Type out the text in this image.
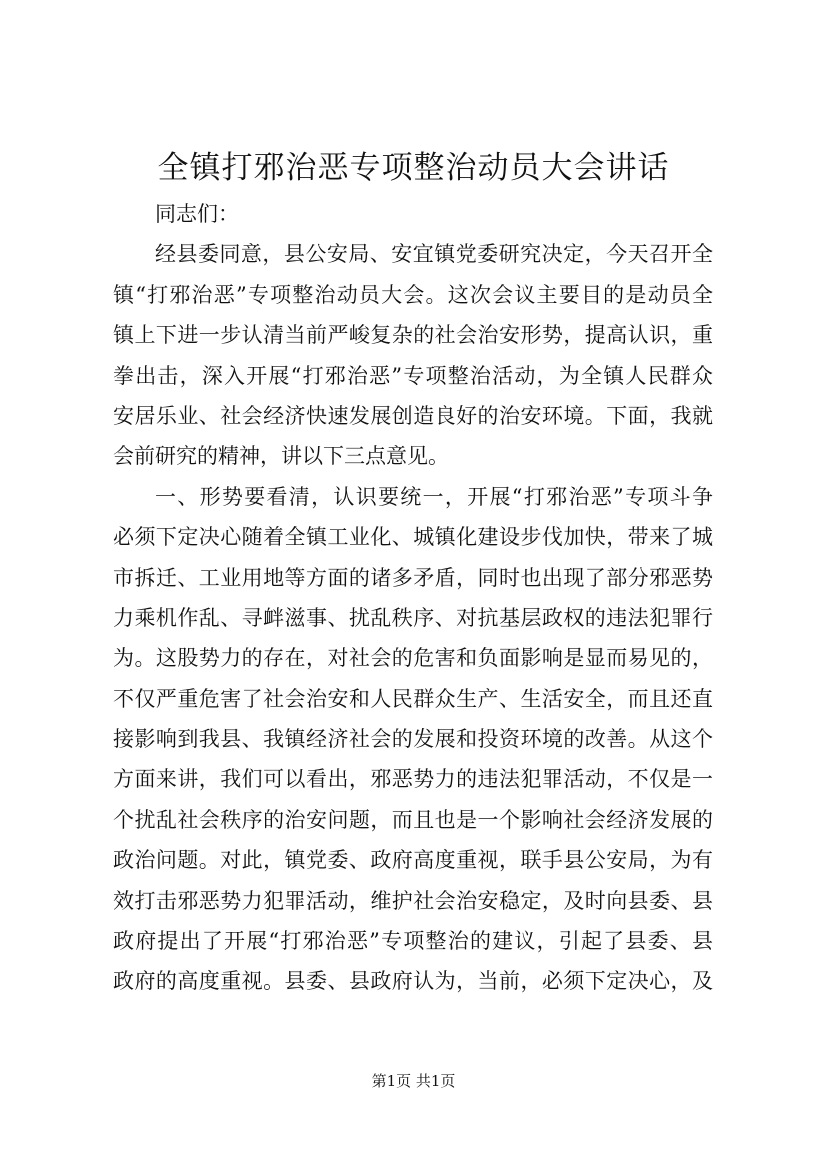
全镇打邪治恶专项整治动员大会讲话
同志们：
经县委同意，县公安局、安宜镇党委研究决定，今天召开全
镇“打邪治恶”专项整治动员大会。这次会议主要目的是动员全
镇上下进一步认清当前严峻复杂的社会治安形势，提高认识，重
拳出击，深入开展“打邪治恶”专项整治活动，为全镇人民群众
安居乐业、社会经济快速发展创造良好的治安环境。下面，我就
会前研究的精神，讲以下三点意见。
一、形势要看清，认识要统一，开展“打邪治恶”专项斗争
必须下定决心随着全镇工业化、城镇化建设步伐加快，带来了城
市拆迁、工业用地等方面的诸多矛盾，同时也出现了部分邪恶势
力乘机作乱、寻衅滋事、扰乱秩序、对抗基层政权的违法犯罪行
为。这股势力的存在，对社会的危害和负面影响是显而易见的，
不仅严重危害了社会治安和人民群众生产、生活安全，而且还直
接影响到我县、我镇经济社会的发展和投资环境的改善。从这个
方面来讲，我们可以看出，邪恶势力的违法犯罪活动，不仅是一
个扰乱社会秩序的治安问题，而且也是一个影响社会经济发展的
政治问题。对此，镇党委、政府高度重视，联手县公安局，为有
效打击邪恶势力犯罪活动，维护社会治安稳定，及时向县委、县
政府提出了开展“打邪治恶”专项整治的建议，引起了县委、县
政府的高度重视。县委、县政府认为，当前，必须下定决心，及
第1页 共1页
